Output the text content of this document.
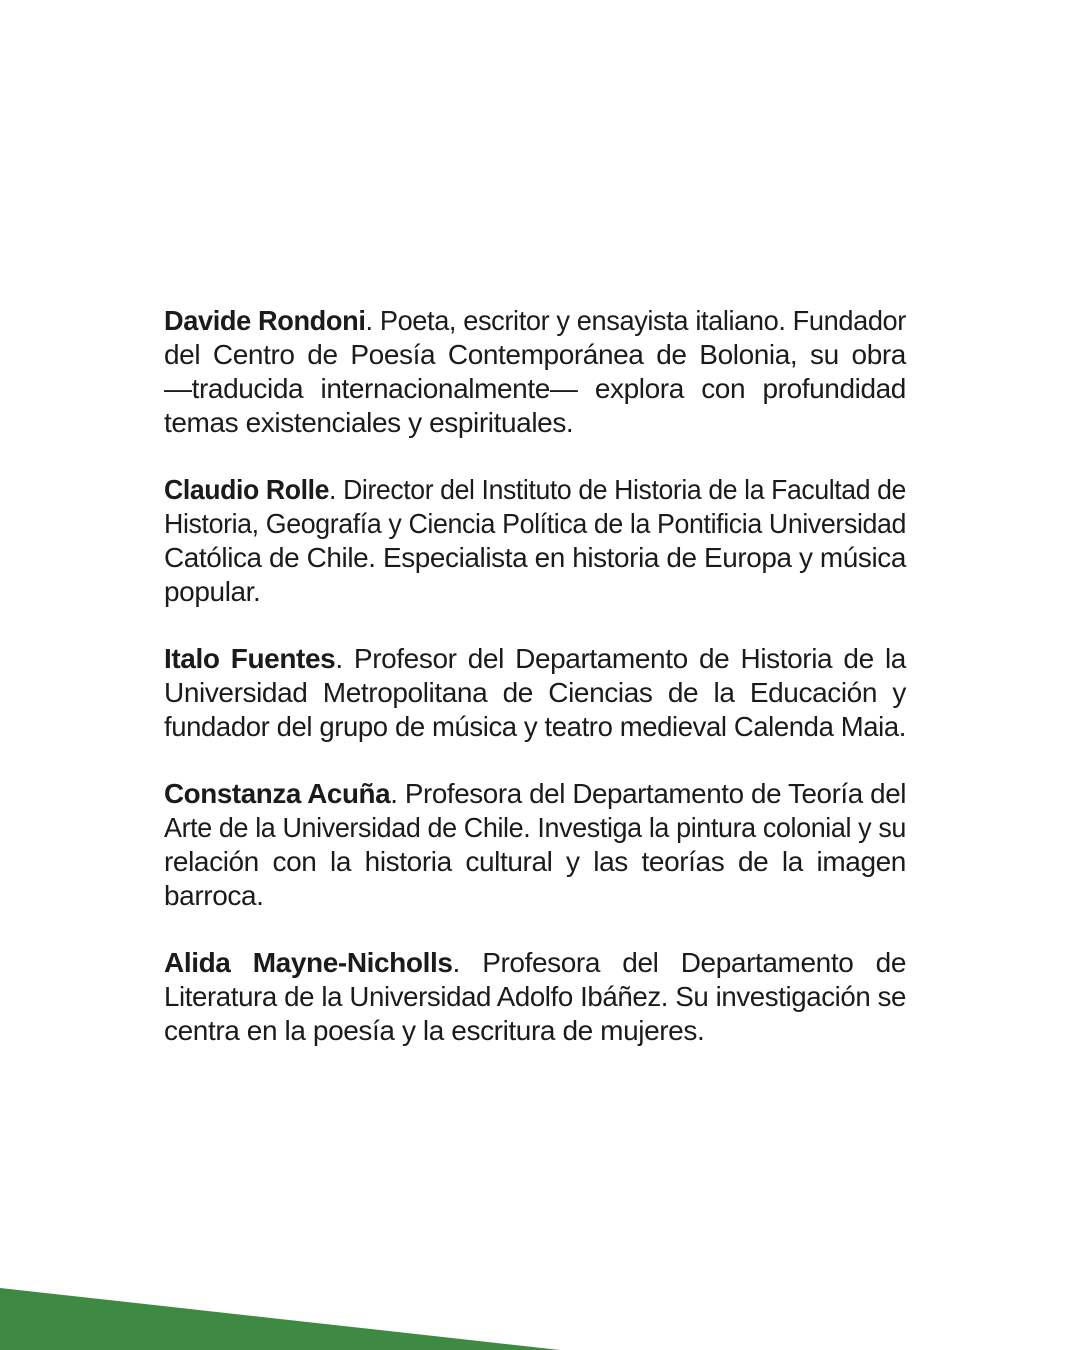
Davide Rondoni. Poeta, escritor y ensayista italiano. Fundador
del Centro de Poesía Contemporánea de Bolonia, su obra
—traducida internacionalmente— explora con profundidad
temas existenciales y espirituales.
Claudio Rolle. Director del Instituto de Historia de la Facultad de
Historia, Geografía y Ciencia Política de la Pontificia Universidad
Católica de Chile. Especialista en historia de Europa y música
popular.
Italo Fuentes. Profesor del Departamento de Historia de la
Universidad Metropolitana de Ciencias de la Educación y
fundador del grupo de música y teatro medieval Calenda Maia.
Constanza Acuña. Profesora del Departamento de Teoría del
Arte de la Universidad de Chile. Investiga la pintura colonial y su
relación con la historia cultural y las teorías de la imagen
barroca.
Alida Mayne-Nicholls. Profesora del Departamento de
Literatura de la Universidad Adolfo Ibáñez. Su investigación se
centra en la poesía y la escritura de mujeres.
